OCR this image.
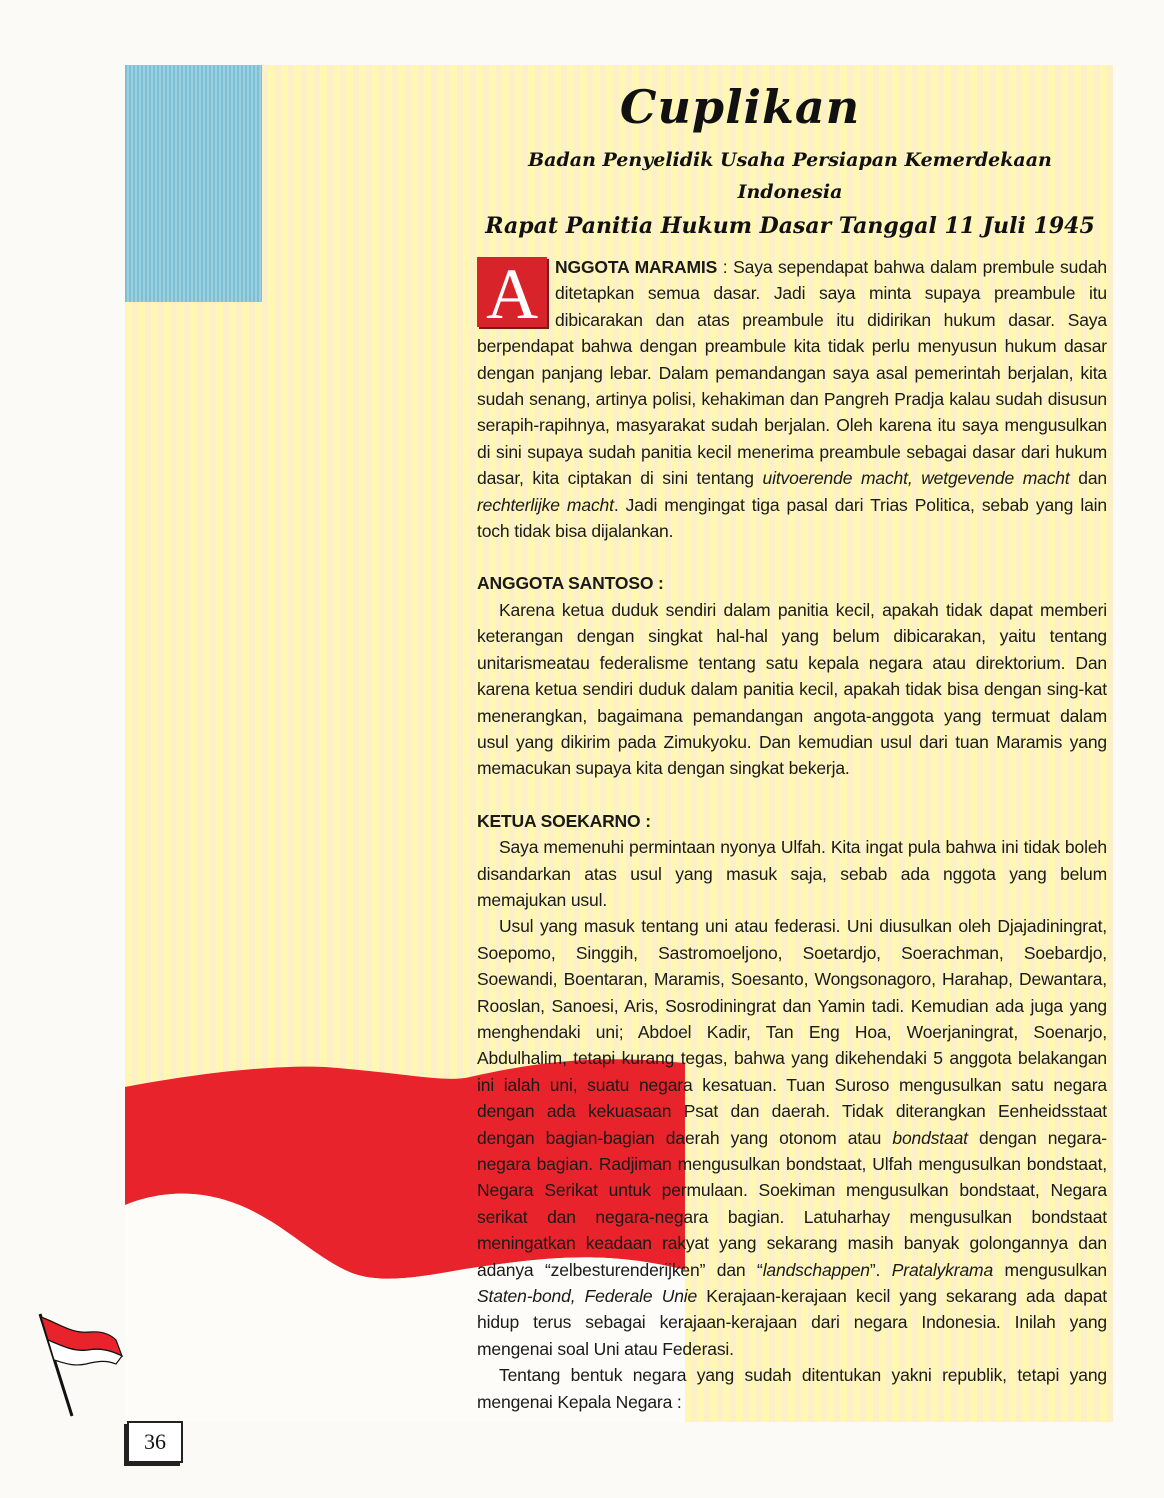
Cuplikan
Badan Penyelidik Usaha Persiapan Kemerdekaan
Indonesia
Rapat Panitia Hukum Dasar Tanggal 11 Juli 1945

A NGGOTA MARAMIS : Saya sependapat bahwa dalam prembule sudah ditetapkan semua dasar. Jadi saya minta supaya preambule itu dibicarakan dan atas preambule itu didirikan hukum dasar. Saya berpendapat bahwa dengan preambule kita tidak perlu menyusun hukum dasar dengan panjang lebar. Dalam pemandangan saya asal pemerintah berjalan, kita sudah senang, artinya polisi, kehakiman dan Pangreh Pradja kalau sudah disusun serapih-rapihnya, masyarakat sudah berjalan. Oleh karena itu saya mengusulkan di sini supaya sudah panitia kecil menerima preambule sebagai dasar dari hukum dasar, kita ciptakan di sini tentang uitvoerende macht, wetgevende macht dan rechterlijke macht. Jadi mengingat tiga pasal dari Trias Politica, sebab yang lain toch tidak bisa dijalankan.

ANGGOTA SANTOSO :

Karena ketua duduk sendiri dalam panitia kecil, apakah tidak dapat memberi keterangan dengan singkat hal-hal yang belum dibicarakan, yaitu tentang unitarismeatau federalisme tentang satu kepala negara atau direktorium. Dan karena ketua sendiri duduk dalam panitia kecil, apakah tidak bisa dengan sing-kat menerangkan, bagaimana pemandangan angota-anggota yang termuat dalam usul yang dikirim pada Zimukyoku. Dan kemudian usul dari tuan Maramis yang memacukan supaya kita dengan singkat bekerja.

KETUA SOEKARNO :

Saya memenuhi permintaan nyonya Ulfah. Kita ingat pula bahwa ini tidak boleh disandarkan atas usul yang masuk saja, sebab ada nggota yang belum memajukan usul.

Usul yang masuk tentang uni atau federasi. Uni diusulkan oleh Djajadiningrat, Soepomo, Singgih, Sastromoeljono, Soetardjo, Soerachman, Soebardjo, Soewandi, Boentaran, Maramis, Soesanto, Wongsonagoro, Harahap, Dewantara, Rooslan, Sanoesi, Aris, Sosrodiningrat dan Yamin tadi. Kemudian ada juga yang menghendaki uni; Abdoel Kadir, Tan Eng Hoa, Woerjaningrat, Soenarjo, Abdulhalim, tetapi kurang tegas, bahwa yang dikehendaki 5 anggota belakangan ini ialah uni, suatu negara kesatuan. Tuan Suroso mengusulkan satu negara dengan ada kekuasaan Psat dan daerah. Tidak diterangkan Eenheidsstaat dengan bagian-bagian daerah yang otonom atau bondstaat dengan negara-negara bagian. Radjiman mengusulkan bondstaat, Ulfah mengusulkan bondstaat, Negara Serikat untuk permulaan. Soekiman mengusulkan bondstaat, Negara serikat dan negara-negara bagian. Latuharhay mengusulkan bondstaat meningatkan keadaan rakyat yang sekarang masih banyak golongannya dan adanya “zelbesturenderijken” dan “landschappen”. Pratalykrama mengusulkan Staten-bond, Federale Unie Kerajaan-kerajaan kecil yang sekarang ada dapat hidup terus sebagai kerajaan-kerajaan dari negara Indonesia. Inilah yang mengenai soal Uni atau Federasi.

Tentang bentuk negara yang sudah ditentukan yakni republik, tetapi yang mengenai Kepala Negara :

36
